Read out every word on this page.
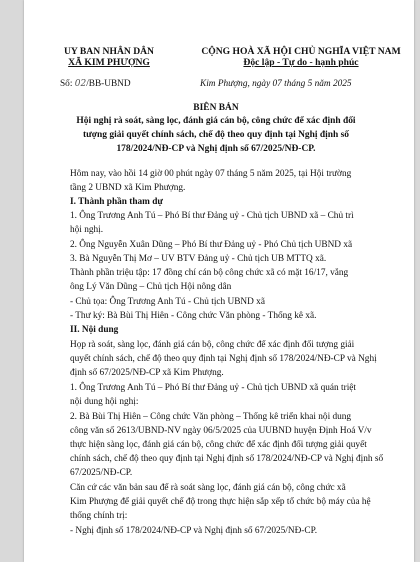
UY BAN NHÂN DÂN
XÃ KIM PHƯỢNG
CỘNG HOÀ XÃ HỘI CHỦ NGHĨA VIỆT NAM
Độc lập - Tự do - hạnh phúc
Số: 02/BB-UBND	Kim Phượng, ngày 07 tháng 5 năm 2025
BIÊN BẢN
Hội nghị rà soát, sàng lọc, đánh giá cán bộ, công chức để xác định đối
tượng giải quyết chính sách, chế độ theo quy định tại Nghị định số
178/2024/NĐ-CP và Nghị định số 67/2025/NĐ-CP.
Hôm nay, vào hồi 14 giờ 00 phút ngày 07 tháng 5 năm 2025, tại Hội trường
tầng 2 UBND xã Kim Phượng.
I. Thành phần tham dự
1. Ông Trương Anh Tú – Phó Bí thư Đảng uỷ - Chủ tịch UBND xã – Chủ trì
hội nghị.
2. Ông Nguyễn Xuân Dũng – Phó Bí thư Đảng uỷ - Phó Chủ tịch UBND xã
3. Bà Nguyễn Thị Mơ – UV BTV Đảng uỷ - Chủ tịch UB MTTQ xã.
Thành phần triệu tập: 17 đồng chí cán bộ công chức xã có mặt 16/17, vắng
ông Lý Văn Dũng – Chủ tịch Hội nông dân
- Chủ tọa: Ông Trương Anh Tú - Chủ tịch UBND xã
- Thư ký: Bà Bùi Thị Hiên - Công chức Văn phòng - Thống kê xã.
II. Nội dung
Họp rà soát, sàng lọc, đánh giá cán bộ, công chức để xác định đối tượng giải
quyết chính sách, chế độ theo quy định tại Nghị định số 178/2024/NĐ-CP và Nghị
định số 67/2025/NĐ-CP xã Kim Phượng.
1. Ông Trương Anh Tú – Phó Bí thư Đảng uỷ - Chủ tịch UBND xã quán triệt
nội dung hội nghị:
2. Bà Bùi Thị Hiên – Công chức Văn phòng – Thống kê triển khai nội dung
công văn số 2613/UBND-NV ngày 06/5/2025 của UUBND huyện Định Hoá V/v
thực hiện sàng lọc, đánh giá cán bộ, công chức để xác định đối tượng giải quyết
chính sách, chế độ theo quy định tại Nghị định số 178/2024/NĐ-CP và Nghị định số
67/2025/NĐ-CP.
Căn cứ các văn bản sau để rà soát sàng lọc, đánh giá cán bộ, công chức xã
Kim Phượng để giải quyết chế độ trong thực hiện sắp xếp tổ chức bộ máy của hệ
thống chính trị:
- Nghị định số 178/2024/NĐ-CP và Nghị định số 67/2025/NĐ-CP.
